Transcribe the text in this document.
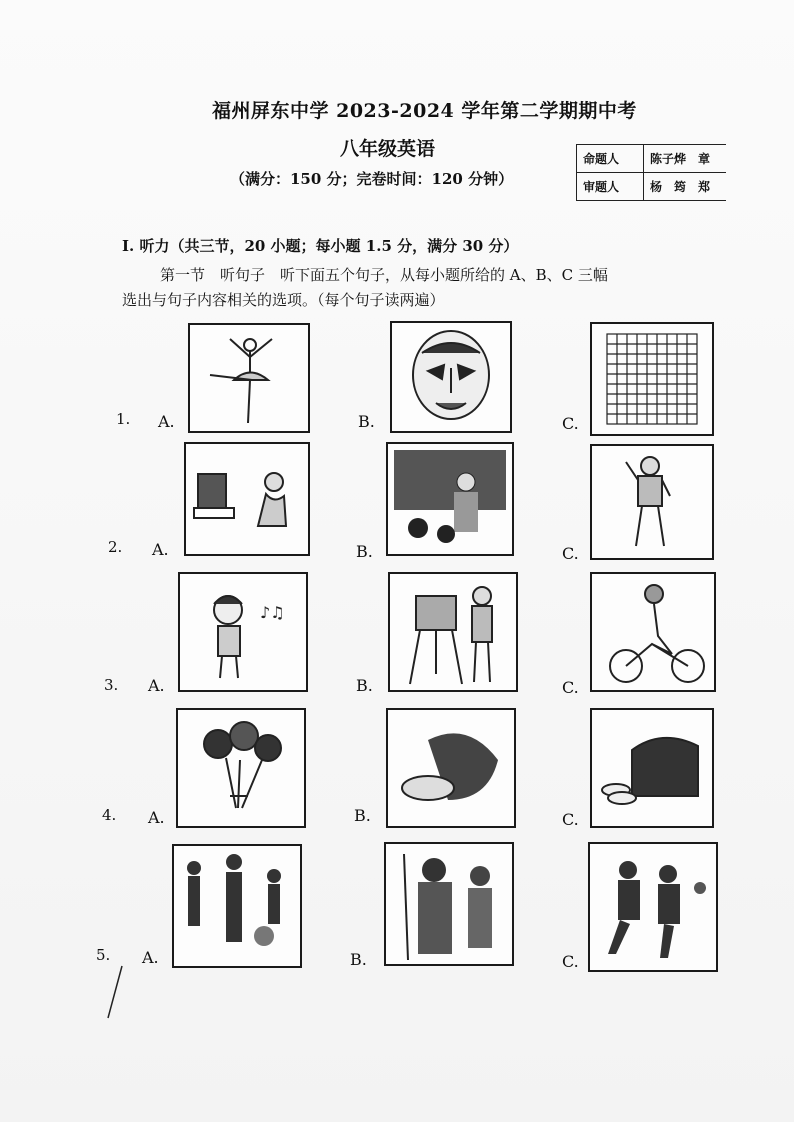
福州屏东中学 2023-2024 学年第二学期期中考
八年级英语
（满分：150 分；完卷时间：120 分钟）
命题人	陈子烨　章
审题人	杨　筠　郑
I. 听力（共三节，20 小题；每小题 1.5 分，满分 30 分）
第一节　听句子　听下面五个句子，从每小题所给的 A、B、C 三幅
选出与句子内容相关的选项。（每个句子读两遍）
1. A.	B.	C.
2. A.	B.	C.
3. A.
♪♫
B.	C.
4. A.	B.	C.
5. A.	B.	C.
